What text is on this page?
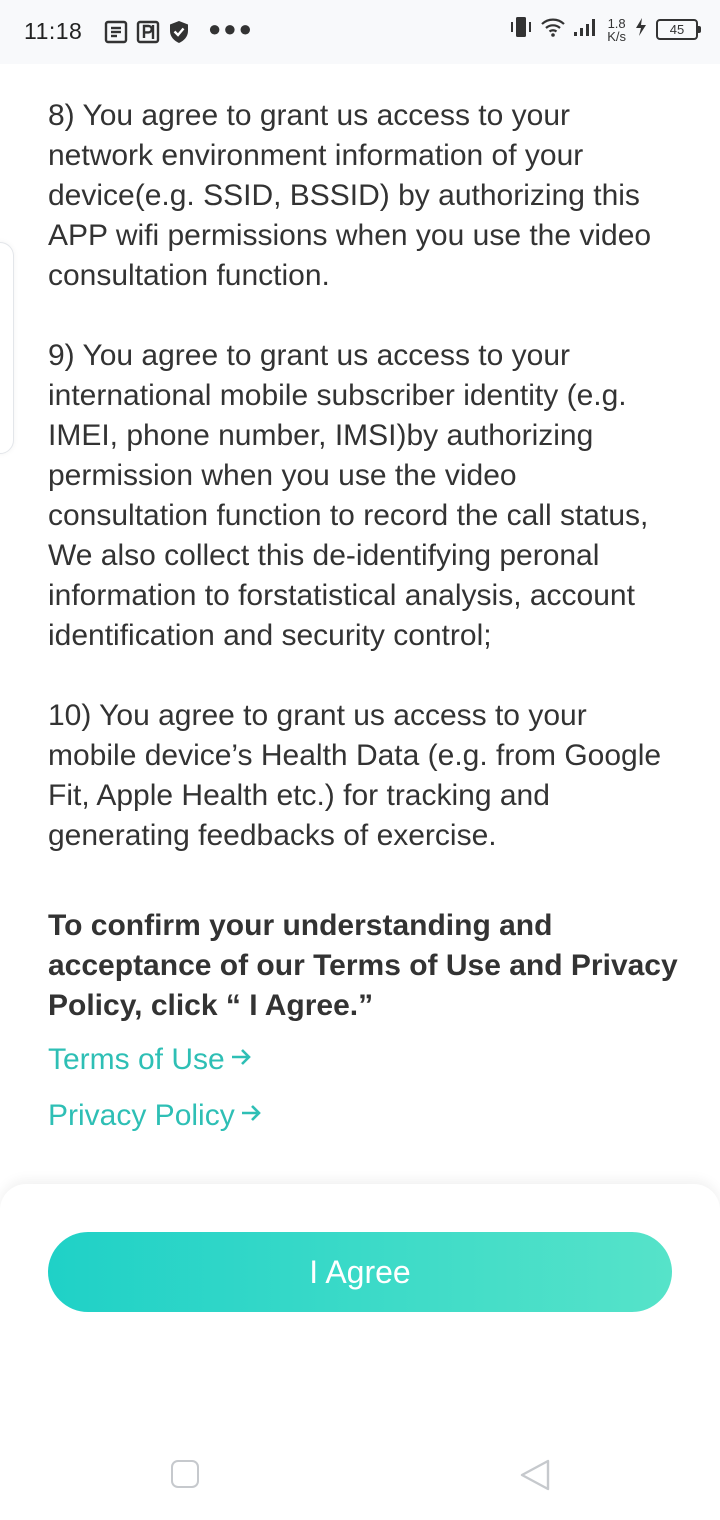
11:18	●●●	1.8
K/s	45

8) You agree to grant us access to your network environment information of your device(e.g. SSID, BSSID) by authorizing this APP wifi permissions when you use the video consultation function.

9) You agree to grant us access to your international mobile subscriber identity (e.g. IMEI, phone number, IMSI)by authorizing permission when you use the video consultation function to record the call status, We also collect this de-identifying peronal information to forstatistical analysis, account identification and security control;

10) You agree to grant us access to your mobile device’s Health Data (e.g. from Google Fit, Apple Health etc.) for tracking and generating feedbacks of exercise.

To confirm your understanding and acceptance of our Terms of Use and Privacy Policy, click “ I Agree.”
Terms of Use
Privacy Policy
I Agree
